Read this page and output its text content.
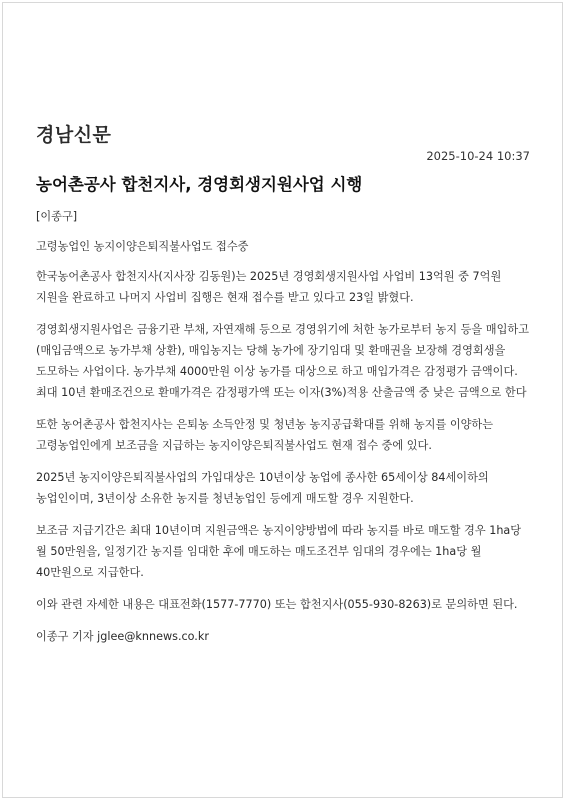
경남신문
2025-10-24 10:37
농어촌공사 합천지사, 경영회생지원사업 시행

[이종구]

고령농업인 농지이양은퇴직불사업도 접수중

한국농어촌공사 합천지사(지사장 김동원)는 2025년 경영회생지원사업 사업비 13억원 중 7억원 지원을 완료하고 나머지 사업비 집행은 현재 접수를 받고 있다고 23일 밝혔다.

경영회생지원사업은 금융기관 부채, 자연재해 등으로 경영위기에 처한 농가로부터 농지 등을 매입하고(매입금액으로 농가부채 상환), 매입농지는 당해 농가에 장기임대 및 환매권을 보장해 경영회생을 도모하는 사업이다. 농가부채 4000만원 이상 농가를 대상으로 하고 매입가격은 감정평가 금액이다. 최대 10년 환매조건으로 환매가격은 감정평가액 또는 이자(3%)적용 산출금액 중 낮은 금액으로 한다

또한 농어촌공사 합천지사는 은퇴농 소득안정 및 청년농 농지공급확대를 위해 농지를 이양하는 고령농업인에게 보조금을 지급하는 농지이양은퇴직불사업도 현재 접수 중에 있다.

2025년 농지이양은퇴직불사업의 가입대상은 10년이상 농업에 종사한 65세이상 84세이하의 농업인이며, 3년이상 소유한 농지를 청년농업인 등에게 매도할 경우 지원한다.

보조금 지급기간은 최대 10년이며 지원금액은 농지이양방법에 따라 농지를 바로 매도할 경우 1ha당 월 50만원을, 일정기간 농지를 임대한 후에 매도하는 매도조건부 임대의 경우에는 1ha당 월 40만원으로 지급한다.

이와 관련 자세한 내용은 대표전화(1577-7770) 또는 합천지사(055-930-8263)로 문의하면 된다.

이종구 기자 jglee@knnews.co.kr
